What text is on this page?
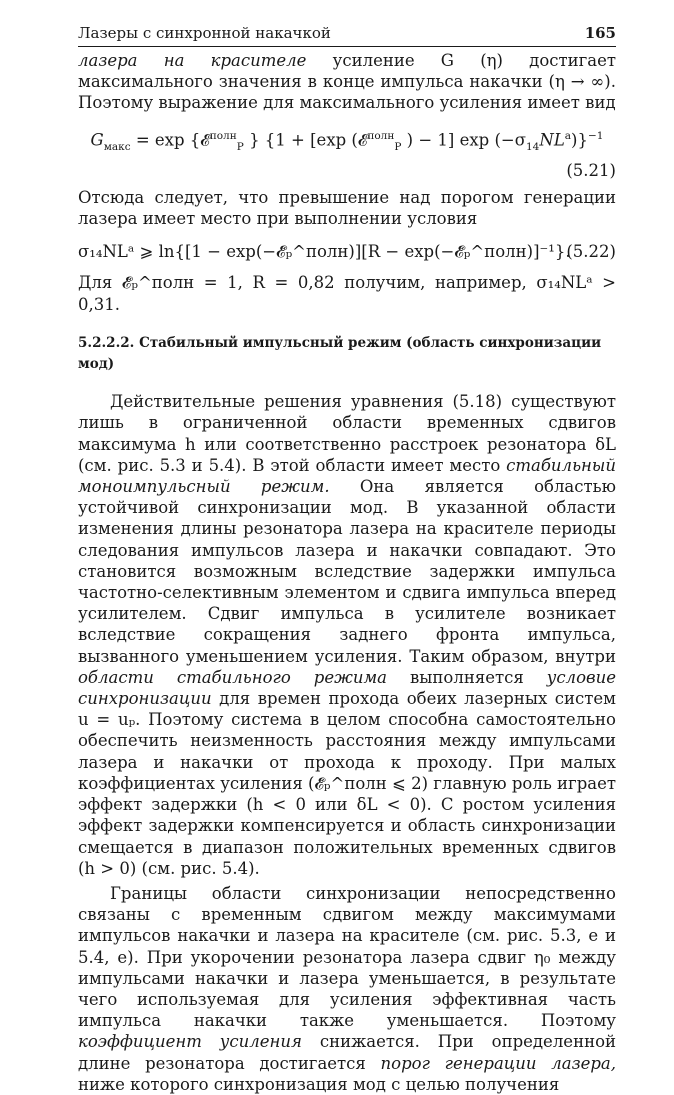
Лазеры с синхронной накачкой	165

лазера на красителе усиление G (η) достигает максимального значения в конце импульса накачки (η → ∞). Поэтому выражение для максимального усиления имеет вид

$G_{макс} = \exp$ {𝓔$^{полн}_P$ } {1 + [exp (𝓔$^{полн}_P$ ) − 1] $\exp (-\sigma_{14}NL^a)\}^{-1}$
(5.21)

Отсюда следует, что превышение над порогом генерации лазера имеет место при выполнении условия

σ₁₄NLᵃ ⩾ ln{[1 − exp(−𝓔̃ₚ^полн)][R − exp(−𝓔̃ₚ^полн)]⁻¹}.
(5.22)

Для 𝓔̃ₚ^полн = 1, R = 0,82 получим, например, σ₁₄NLᵃ > 0,31.

5.2.2.2. Стабильный импульсный режим (область синхронизации мод)

Действительные решения уравнения (5.18) существуют лишь в ограниченной области временных сдвигов максимума h или соответственно расстроек резонатора δL (см. рис. 5.3 и 5.4). В этой области имеет место стабильный моноимпульсный режим. Она является областью устойчивой синхронизации мод. В указанной области изменения длины резонатора лазера на красителе периоды следования импульсов лазера и накачки совпадают. Это становится возможным вследствие задержки импульса частотно-селективным элементом и сдвига импульса вперед усилителем. Сдвиг импульса в усилителе возникает вследствие сокращения заднего фронта импульса, вызванного уменьшением усиления. Таким образом, внутри области стабильного режима выполняется условие синхронизации для времен прохода обеих лазерных систем u = uₚ. Поэтому система в целом способна самостоятельно обеспечить неизменность расстояния между импульсами лазера и накачки от прохода к проходу. При малых коэффициентах усиления (𝓔̃ₚ^полн ⩽ 2) главную роль играет эффект задержки (h < 0 или δL < 0). С ростом усиления эффект задержки компенсируется и область синхронизации смещается в диапазон положительных временных сдвигов (h > 0) (см. рис. 5.4).

Границы области синхронизации непосредственно связаны с временным сдвигом между максимумами импульсов накачки и лазера на красителе (см. рис. 5.3, е и 5.4, е). При укорочении резонатора лазера сдвиг η₀ между импульсами накачки и лазера уменьшается, в результате чего используемая для усиления эффективная часть импульса накачки также уменьшается. Поэтому коэффициент усиления снижается. При определенной длине резонатора достигается порог генерации лазера, ниже которого синхронизация мод с целью получения
